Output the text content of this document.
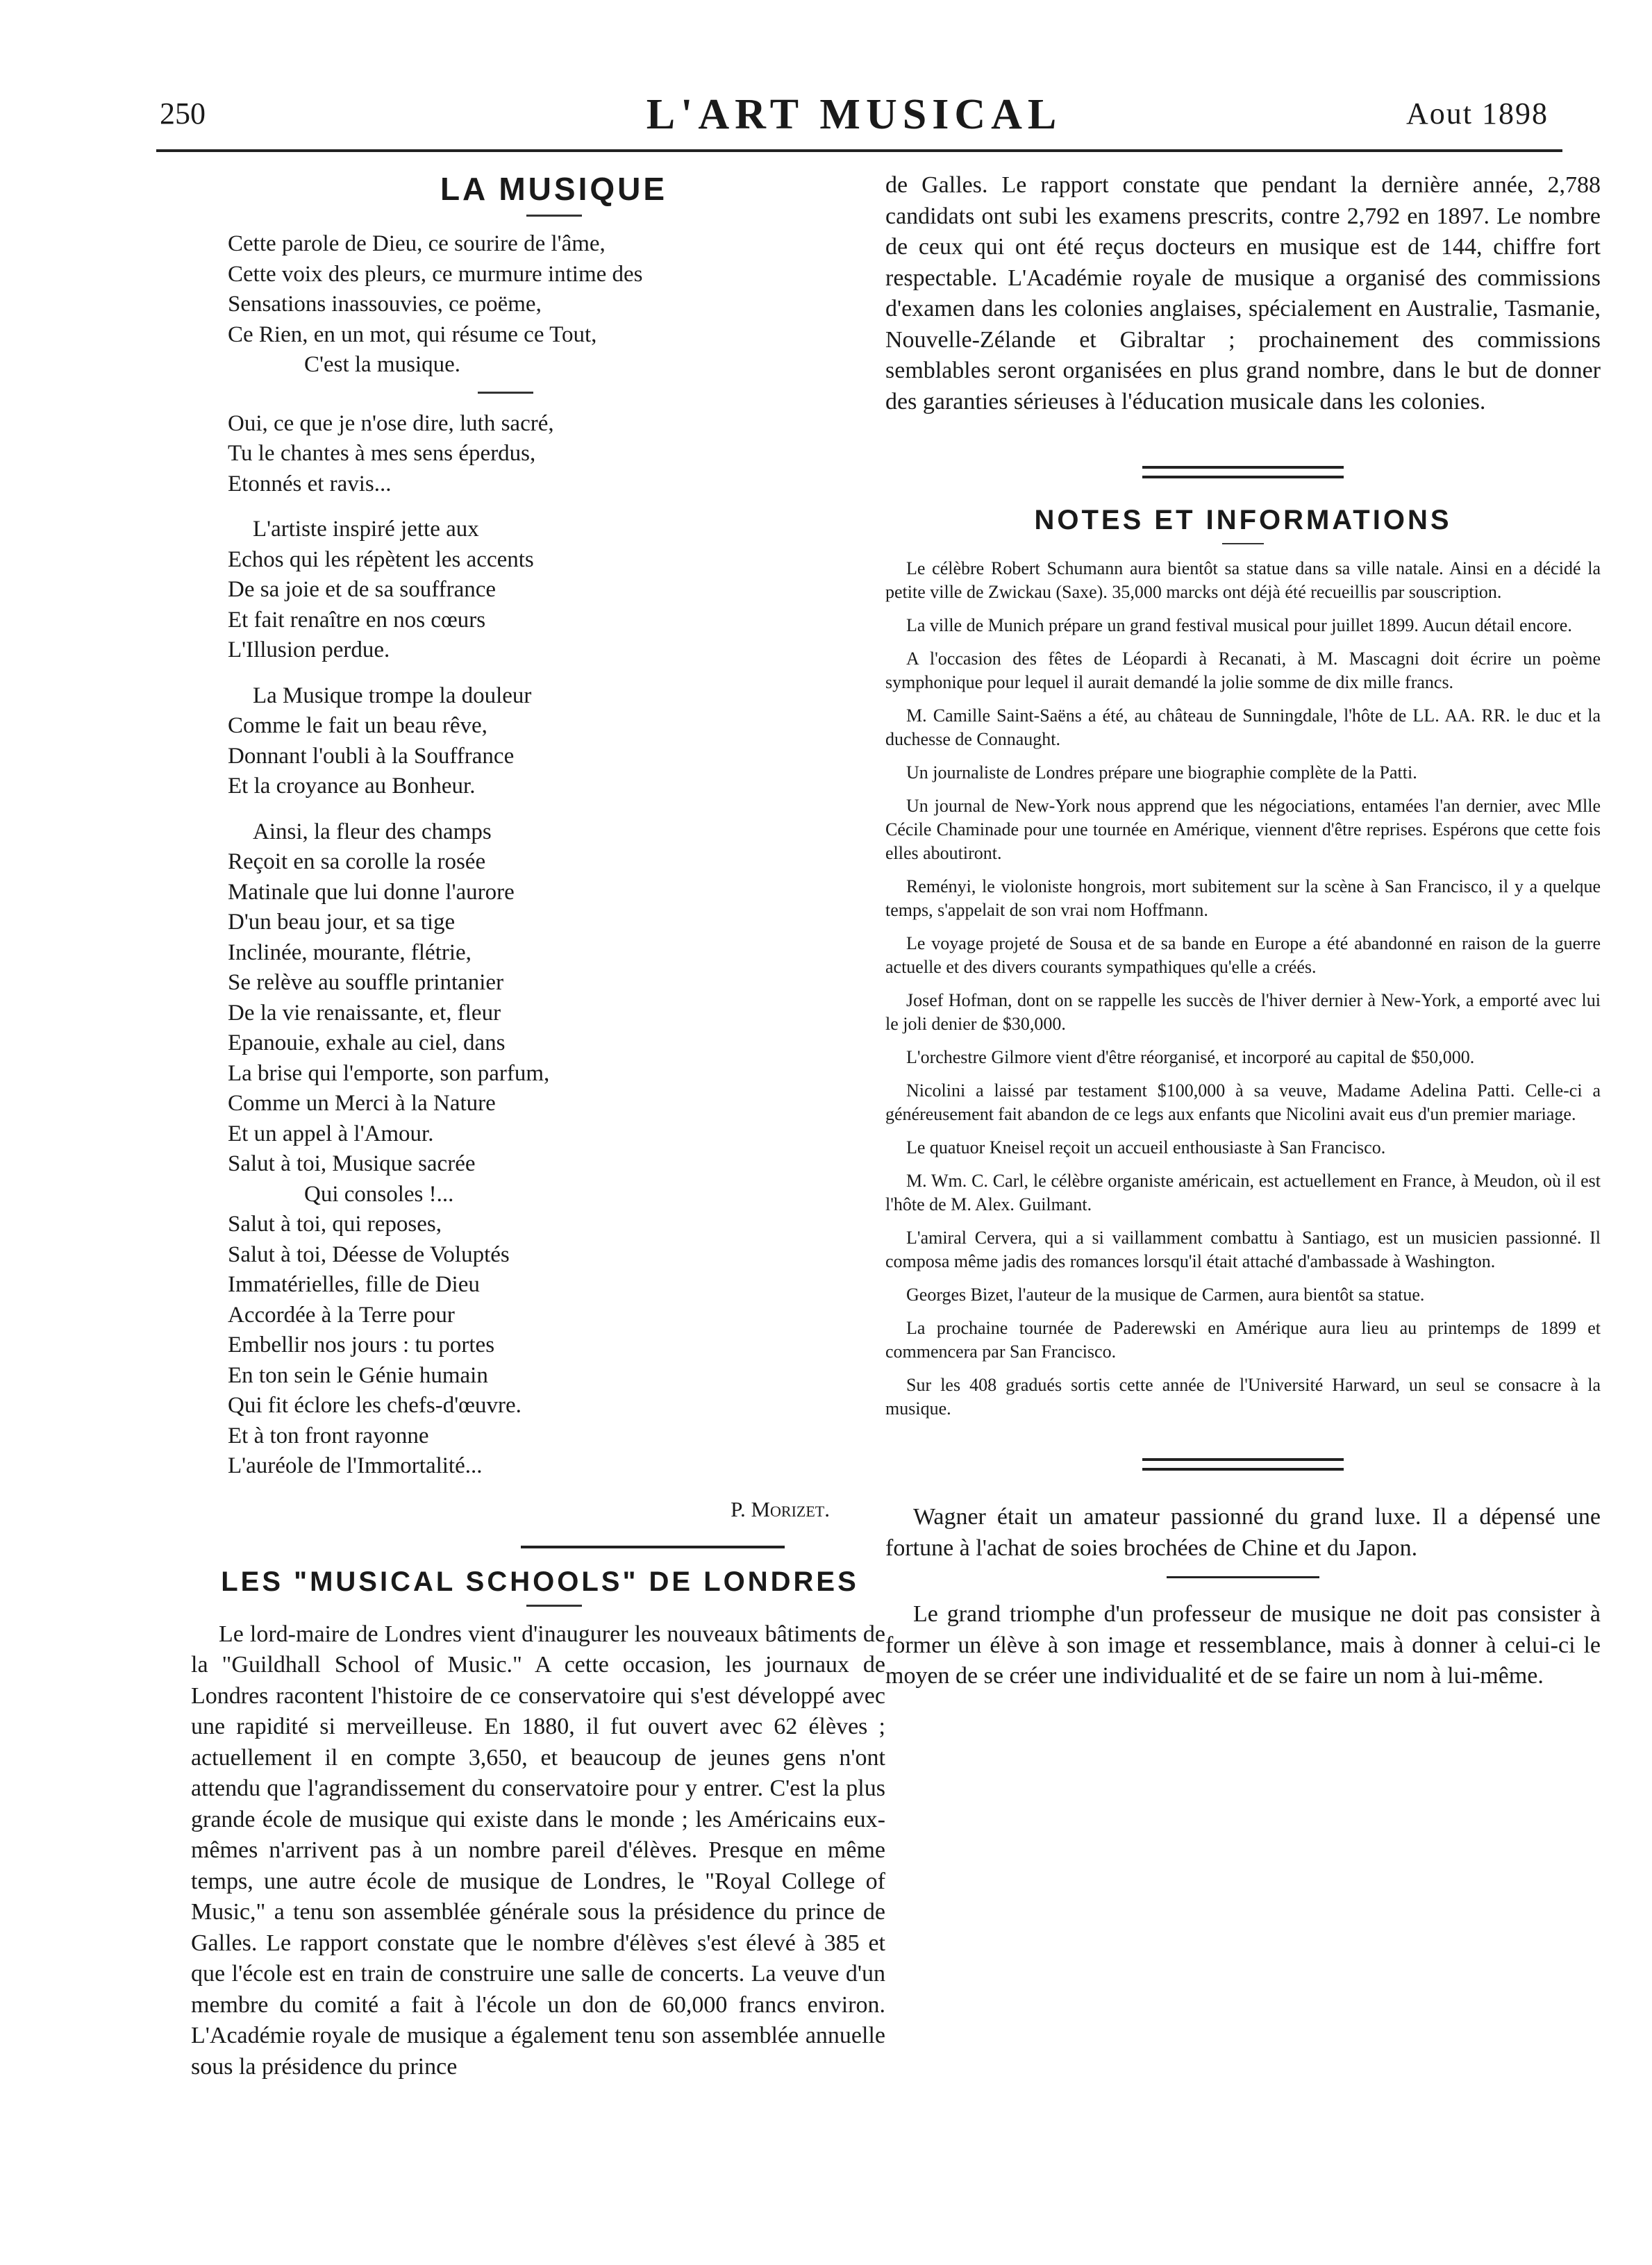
250	L'ART MUSICAL	Aout 1898
LA MUSIQUE
Cette parole de Dieu, ce sourire de l'âme,
Cette voix des pleurs, ce murmure intime des
Sensations inassouvies, ce poëme,
Ce Rien, en un mot, qui résume ce Tout,
C'est la musique.
Oui, ce que je n'ose dire, luth sacré,
Tu le chantes à mes sens éperdus,
Etonnés et ravis...
L'artiste inspiré jette aux
Echos qui les répètent les accents
De sa joie et de sa souffrance
Et fait renaître en nos cœurs
L'Illusion perdue.
La Musique trompe la douleur
Comme le fait un beau rêve,
Donnant l'oubli à la Souffrance
Et la croyance au Bonheur.
Ainsi, la fleur des champs
Reçoit en sa corolle la rosée
Matinale que lui donne l'aurore
D'un beau jour, et sa tige
Inclinée, mourante, flétrie,
Se relève au souffle printanier
De la vie renaissante, et, fleur
Epanouie, exhale au ciel, dans
La brise qui l'emporte, son parfum,
Comme un Merci à la Nature
Et un appel à l'Amour.
Salut à toi, Musique sacrée
Qui consoles !...
Salut à toi, qui reposes,
Salut à toi, Déesse de Voluptés
Immatérielles, fille de Dieu
Accordée à la Terre pour
Embellir nos jours : tu portes
En ton sein le Génie humain
Qui fit éclore les chefs-d'œuvre.
Et à ton front rayonne
L'auréole de l'Immortalité...
P. Morizet.
LES "MUSICAL SCHOOLS" DE LONDRES

Le lord-maire de Londres vient d'inaugurer les nouveaux bâtiments de la "Guildhall School of Music." A cette occasion, les journaux de Londres racontent l'histoire de ce conservatoire qui s'est développé avec une rapidité si merveilleuse. En 1880, il fut ouvert avec 62 élèves ; actuellement il en compte 3,650, et beaucoup de jeunes gens n'ont attendu que l'agrandissement du conservatoire pour y entrer. C'est la plus grande école de musique qui existe dans le monde ; les Américains eux-mêmes n'arrivent pas à un nombre pareil d'élèves. Presque en même temps, une autre école de musique de Londres, le "Royal College of Music," a tenu son assemblée générale sous la présidence du prince de Galles. Le rapport constate que le nombre d'élèves s'est élevé à 385 et que l'école est en train de construire une salle de concerts. La veuve d'un membre du comité a fait à l'école un don de 60,000 francs environ. L'Académie royale de musique a également tenu son assemblée annuelle sous la présidence du prince

de Galles. Le rapport constate que pendant la dernière année, 2,788 candidats ont subi les examens prescrits, contre 2,792 en 1897. Le nombre de ceux qui ont été reçus docteurs en musique est de 144, chiffre fort respectable. L'Académie royale de musique a organisé des commissions d'examen dans les colonies anglaises, spécialement en Australie, Tasmanie, Nouvelle-Zélande et Gibraltar ; prochainement des commissions semblables seront organisées en plus grand nombre, dans le but de donner des garanties sérieuses à l'éducation musicale dans les colonies.

NOTES ET INFORMATIONS

Le célèbre Robert Schumann aura bientôt sa statue dans sa ville natale. Ainsi en a décidé la petite ville de Zwickau (Saxe). 35,000 marcks ont déjà été recueillis par souscription.

La ville de Munich prépare un grand festival musical pour juillet 1899. Aucun détail encore.

A l'occasion des fêtes de Léopardi à Recanati, à M. Mascagni doit écrire un poème symphonique pour lequel il aurait demandé la jolie somme de dix mille francs.

M. Camille Saint-Saëns a été, au château de Sunningdale, l'hôte de LL. AA. RR. le duc et la duchesse de Connaught.

Un journaliste de Londres prépare une biographie complète de la Patti.

Un journal de New-York nous apprend que les négociations, entamées l'an dernier, avec Mlle Cécile Chaminade pour une tournée en Amérique, viennent d'être reprises. Espérons que cette fois elles aboutiront.

Reményi, le violoniste hongrois, mort subitement sur la scène à San Francisco, il y a quelque temps, s'appelait de son vrai nom Hoffmann.

Le voyage projeté de Sousa et de sa bande en Europe a été abandonné en raison de la guerre actuelle et des divers courants sympathiques qu'elle a créés.

Josef Hofman, dont on se rappelle les succès de l'hiver dernier à New-York, a emporté avec lui le joli denier de $30,000.

L'orchestre Gilmore vient d'être réorganisé, et incorporé au capital de $50,000.

Nicolini a laissé par testament $100,000 à sa veuve, Madame Adelina Patti. Celle-ci a généreusement fait abandon de ce legs aux enfants que Nicolini avait eus d'un premier mariage.

Le quatuor Kneisel reçoit un accueil enthousiaste à San Francisco.

M. Wm. C. Carl, le célèbre organiste américain, est actuellement en France, à Meudon, où il est l'hôte de M. Alex. Guilmant.

L'amiral Cervera, qui a si vaillamment combattu à Santiago, est un musicien passionné. Il composa même jadis des romances lorsqu'il était attaché d'ambassade à Washington.

Georges Bizet, l'auteur de la musique de Carmen, aura bientôt sa statue.

La prochaine tournée de Paderewski en Amérique aura lieu au printemps de 1899 et commencera par San Francisco.

Sur les 408 gradués sortis cette année de l'Université Harward, un seul se consacre à la musique.

Wagner était un amateur passionné du grand luxe. Il a dépensé une fortune à l'achat de soies brochées de Chine et du Japon.

Le grand triomphe d'un professeur de musique ne doit pas consister à former un élève à son image et ressemblance, mais à donner à celui-ci le moyen de se créer une individualité et de se faire un nom à lui-même.
